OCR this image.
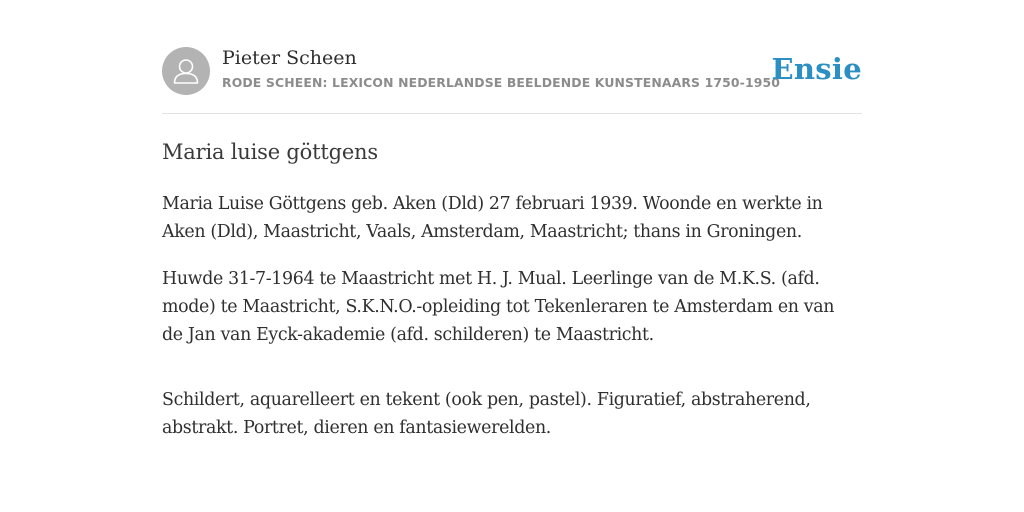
Pieter Scheen
RODE SCHEEN: LEXICON NEDERLANDSE BEELDENDE KUNSTENAARS 1750-1950
Ensie
Maria luise göttgens

Maria Luise Göttgens geb. Aken (Dld) 27 februari 1939. Woonde en werkte in Aken (Dld), Maastricht, Vaals, Amsterdam, Maastricht; thans in Groningen.

Huwde 31-7-1964 te Maastricht met H. J. Mual. Leerlinge van de M.K.S. (afd. mode) te Maastricht, S.K.N.O.-opleiding tot Tekenleraren te Amsterdam en van de Jan van Eyck-akademie (afd. schilderen) te Maastricht.

Schildert, aquarelleert en tekent (ook pen, pastel). Figuratief, abstraherend, abstrakt. Portret, dieren en fantasiewerelden.
